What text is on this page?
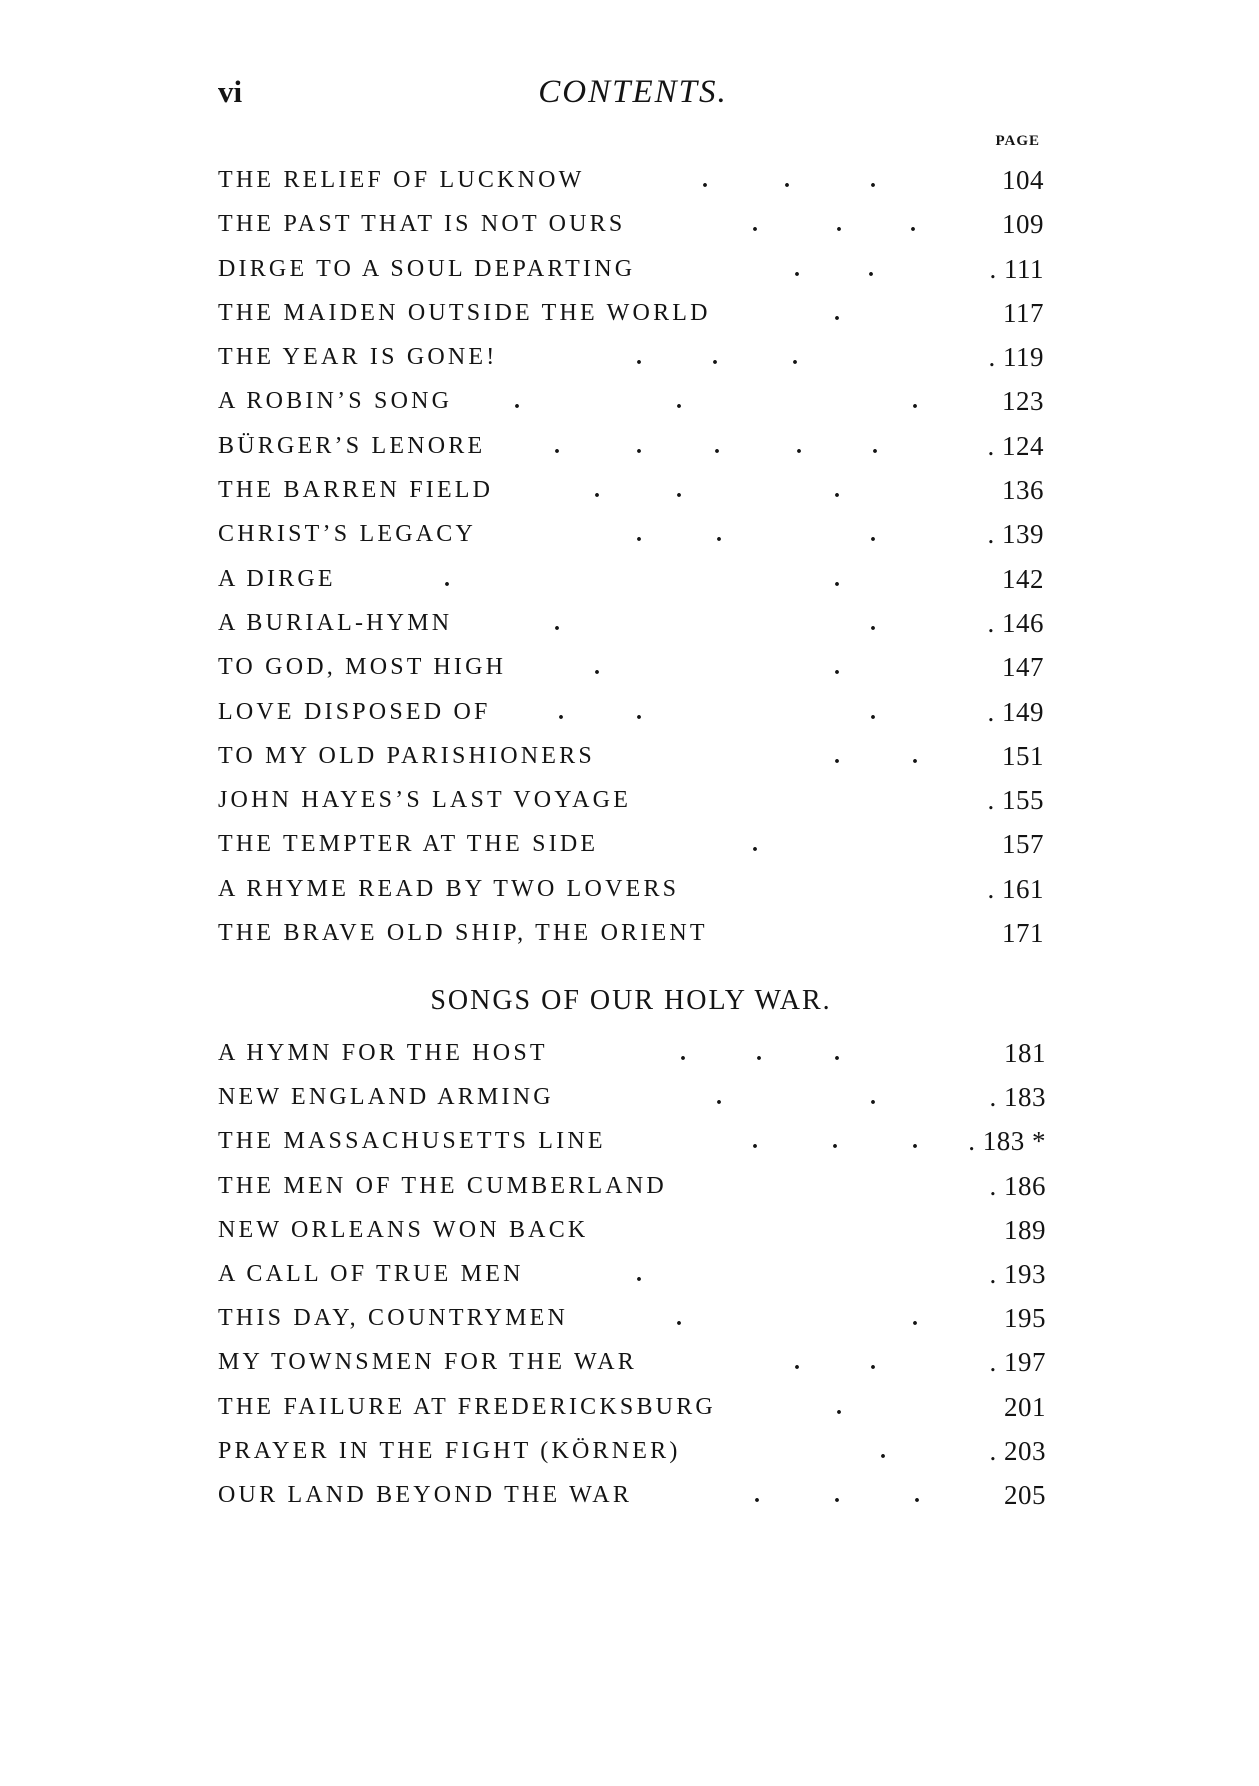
vi	CONTENTS.
PAGE
THE RELIEF OF LUCKNOW	.	.	.	104
THE PAST THAT IS NOT OURS	.	.	.	109
DIRGE TO A SOUL DEPARTING	.	.	. 111
THE MAIDEN OUTSIDE THE WORLD	.	117
THE YEAR IS GONE!	.	.	.	. 119
A ROBIN’S SONG	.	.	.	123
BÜRGER’S LENORE	.	.	.	.	.	. 124
THE BARREN FIELD	.	.	.	136
CHRIST’S LEGACY	.	.	.	. 139
A DIRGE	.	.	142
A BURIAL-HYMN	.	.	. 146
TO GOD, MOST HIGH	.	.	147
LOVE DISPOSED OF	.	.	.	. 149
TO MY OLD PARISHIONERS	.	.	151
JOHN HAYES’S LAST VOYAGE	. 155
THE TEMPTER AT THE SIDE	.	157
A RHYME READ BY TWO LOVERS	. 161
THE BRAVE OLD SHIP, THE ORIENT	171
SONGS OF OUR HOLY WAR.
A HYMN FOR THE HOST	.	.	.	181
NEW ENGLAND ARMING	.	.	. 183
THE MASSACHUSETTS LINE	.	.	. . 183 *
THE MEN OF THE CUMBERLAND	. 186
NEW ORLEANS WON BACK	189
A CALL OF TRUE MEN	.	. 193
THIS DAY, COUNTRYMEN	.	.	195
MY TOWNSMEN FOR THE WAR	.	.	. 197
THE FAILURE AT FREDERICKSBURG	.	201
PRAYER IN THE FIGHT (KÖRNER)	.	. 203
OUR LAND BEYOND THE WAR	.	.	.	205
